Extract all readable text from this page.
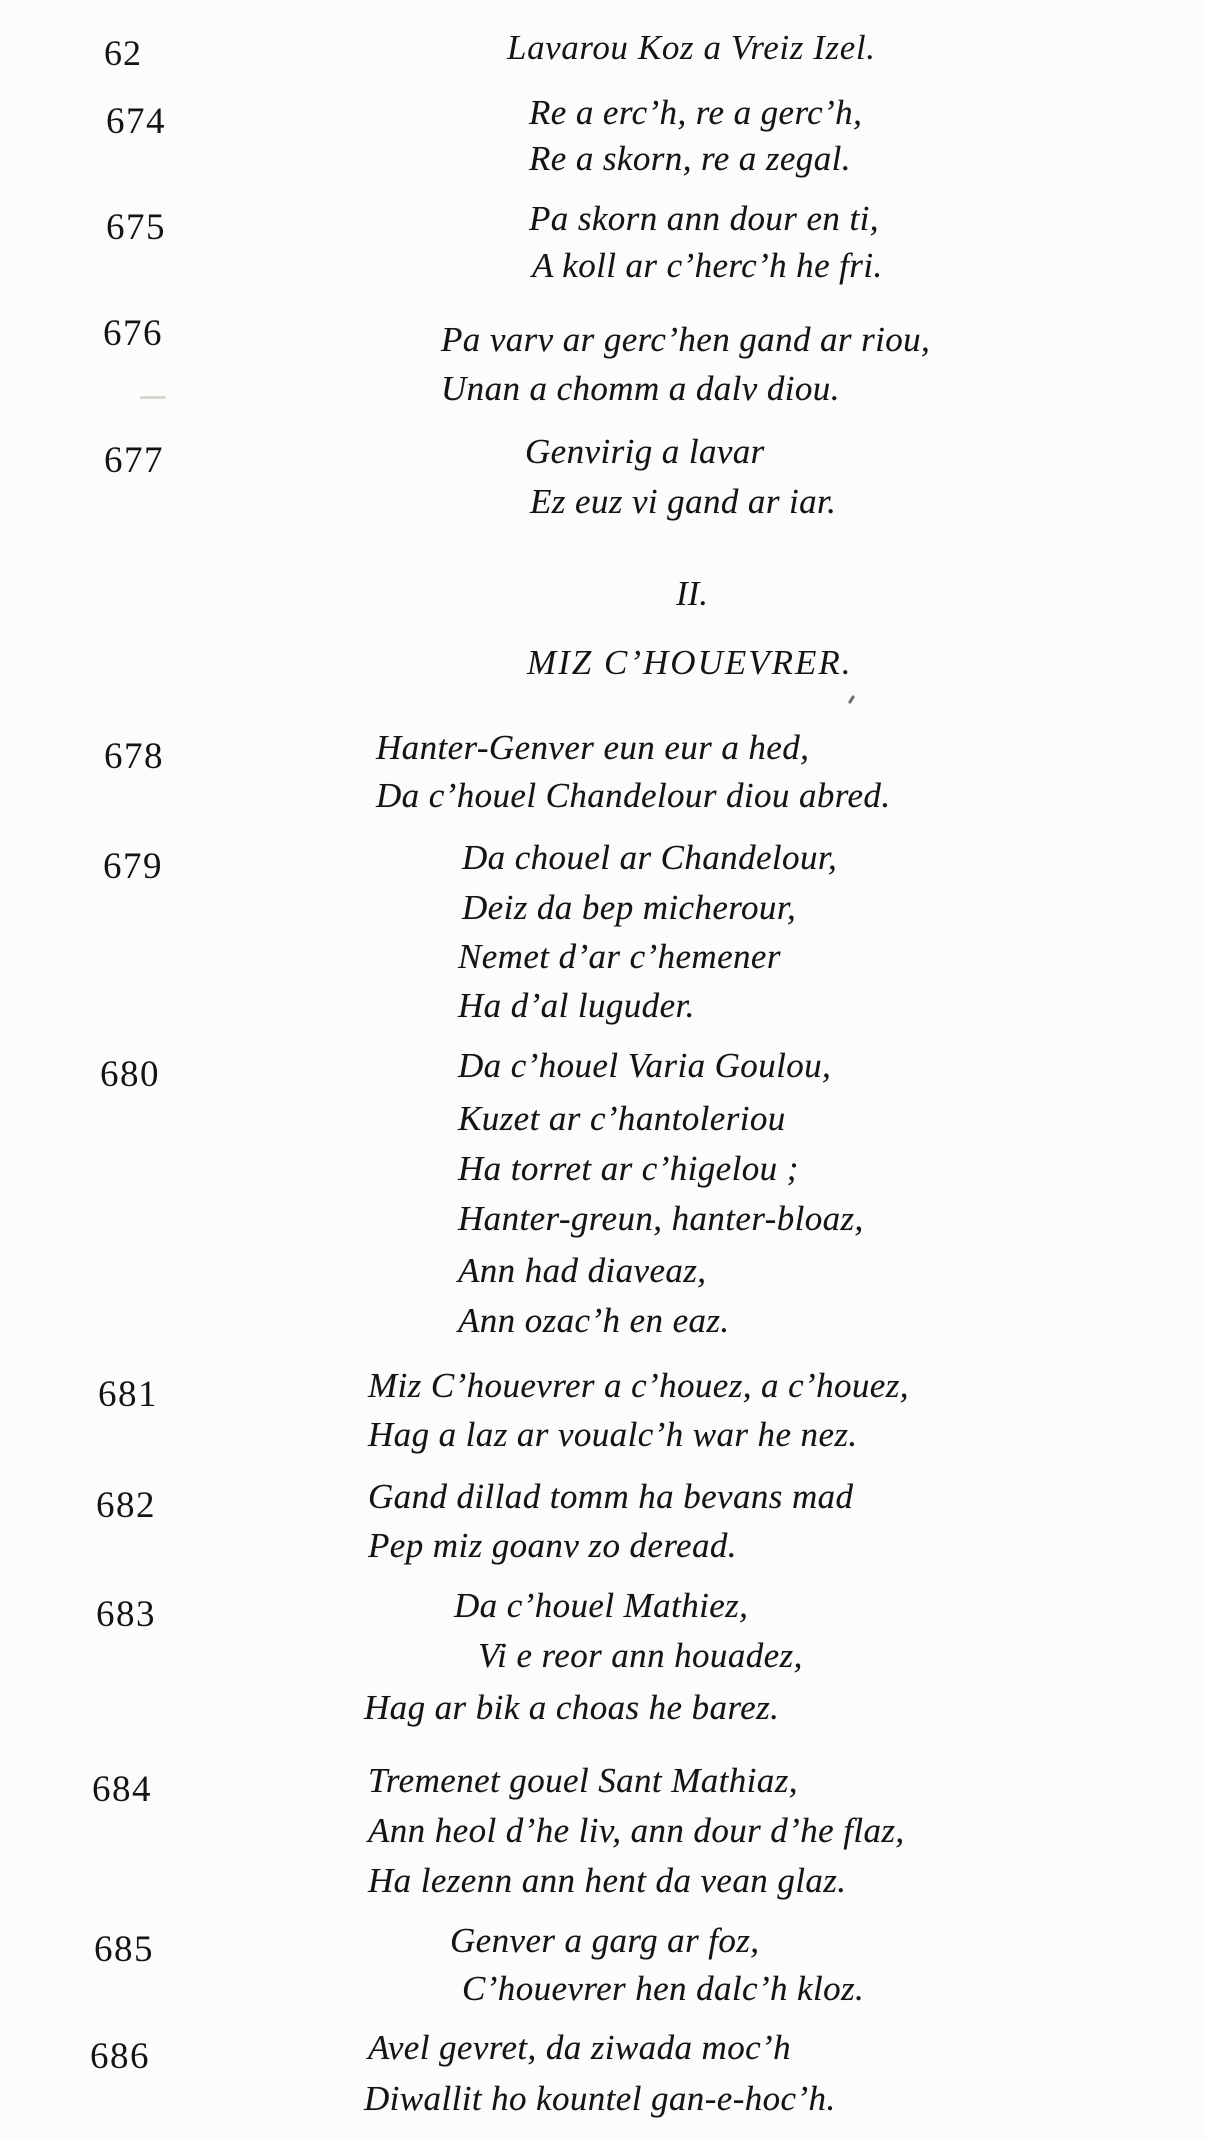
62	Lavarou Koz a Vreiz Izel.
674	Re a erc’h, re a gerc’h,
Re a skorn, re a zegal.
675	Pa skorn ann dour en ti,
A koll ar c’herc’h he fri.
676	Pa varv ar gerc’hen gand ar riou,
Unan a chomm a dalv diou.
677	Genvirig a lavar
Ez euz vi gand ar iar.
II.
MIZ C’HOUEVRER.
678	Hanter-Genver eun eur a hed,
Da c’houel Chandelour diou abred.
679	Da chouel ar Chandelour,
Deiz da bep micherour,
Nemet d’ar c’hemener
Ha d’al luguder.
680	Da c’houel Varia Goulou,
Kuzet ar c’hantoleriou
Ha torret ar c’higelou ;
Hanter-greun, hanter-bloaz,
Ann had diaveaz,
Ann ozac’h en eaz.
681	Miz C’houevrer a c’houez, a c’houez,
Hag a laz ar voualc’h war he nez.
682	Gand dillad tomm ha bevans mad
Pep miz goanv zo deread.
683	Da c’houel Mathiez,
Vi e reor ann houadez,
Hag ar bik a choas he barez.
684	Tremenet gouel Sant Mathiaz,
Ann heol d’he liv, ann dour d’he flaz,
Ha lezenn ann hent da vean glaz.
685	Genver a garg ar foz,
C’houevrer hen dalc’h kloz.
686	Avel gevret, da ziwada moc’h
Diwallit ho kountel gan-e-hoc’h.
